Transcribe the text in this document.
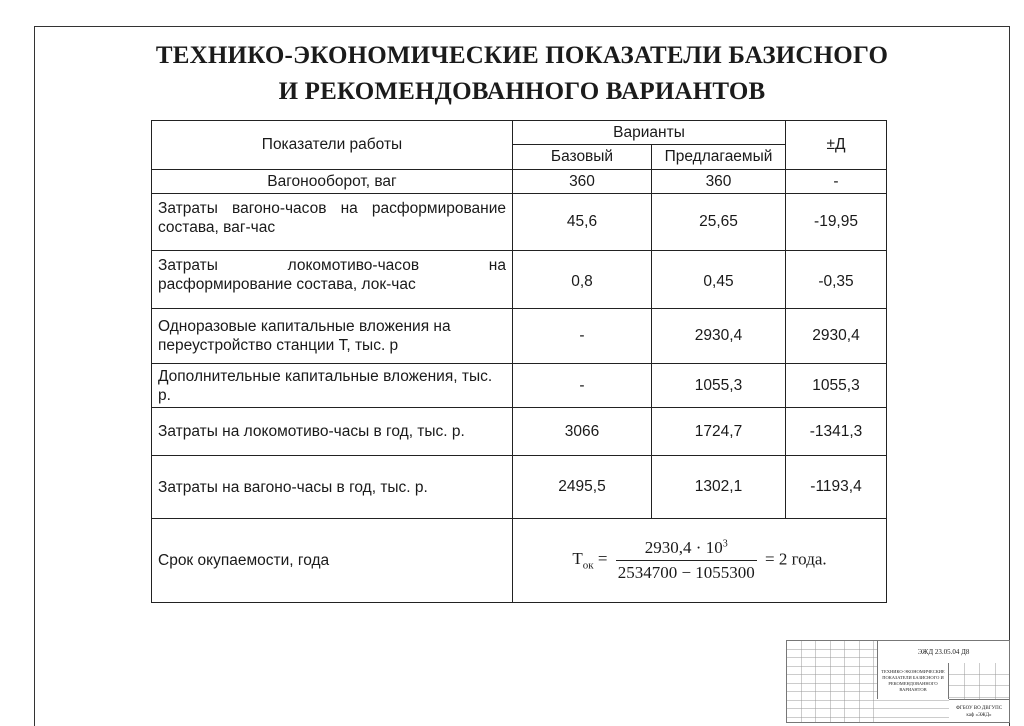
ТЕХНИКО-ЭКОНОМИЧЕСКИЕ ПОКАЗАТЕЛИ БАЗИСНОГО
И РЕКОМЕНДОВАННОГО ВАРИАНТОВ
Показатели работы	Варианты		±Д
	Базовый	Предлагаемый	
Вагонооборот, ваг	360	360	-
Затраты вагоно-часов на расформирование состава, ваг-час	45,6	25,65	-19,95
Затраты локомотиво-часов на расформирование состава, лок-час	0,8	0,45	-0,35
Одноразовые капитальные вложения на переустройство станции Т, тыс. р	-	2930,4	2930,4
Дополнительные капитальные вложения, тыс. р.	-	1055,3	1055,3
Затраты на локомотиво-часы в год, тыс. р.	3066	1724,7	-1341,3
Затраты на вагоно-часы в год, тыс. р.	2495,5	1302,1	-1193,4
Срок окупаемости, года	$Т_{ок} = \frac{2930,4 \cdot 10^3}{2534700 - 1055300} = 2$ года.		
ЭЖД 23.05.04 Д8
ТЕХНИКО-ЭКОНОМИЧЕСКИЕ
ПОКАЗАТЕЛИ БАЗИСНОГО И
РЕКОМЕНДОВАННОГО
ВАРИАНТОВ
ФГБОУ ВО ДВГУПС
каф «ЭЖД»
